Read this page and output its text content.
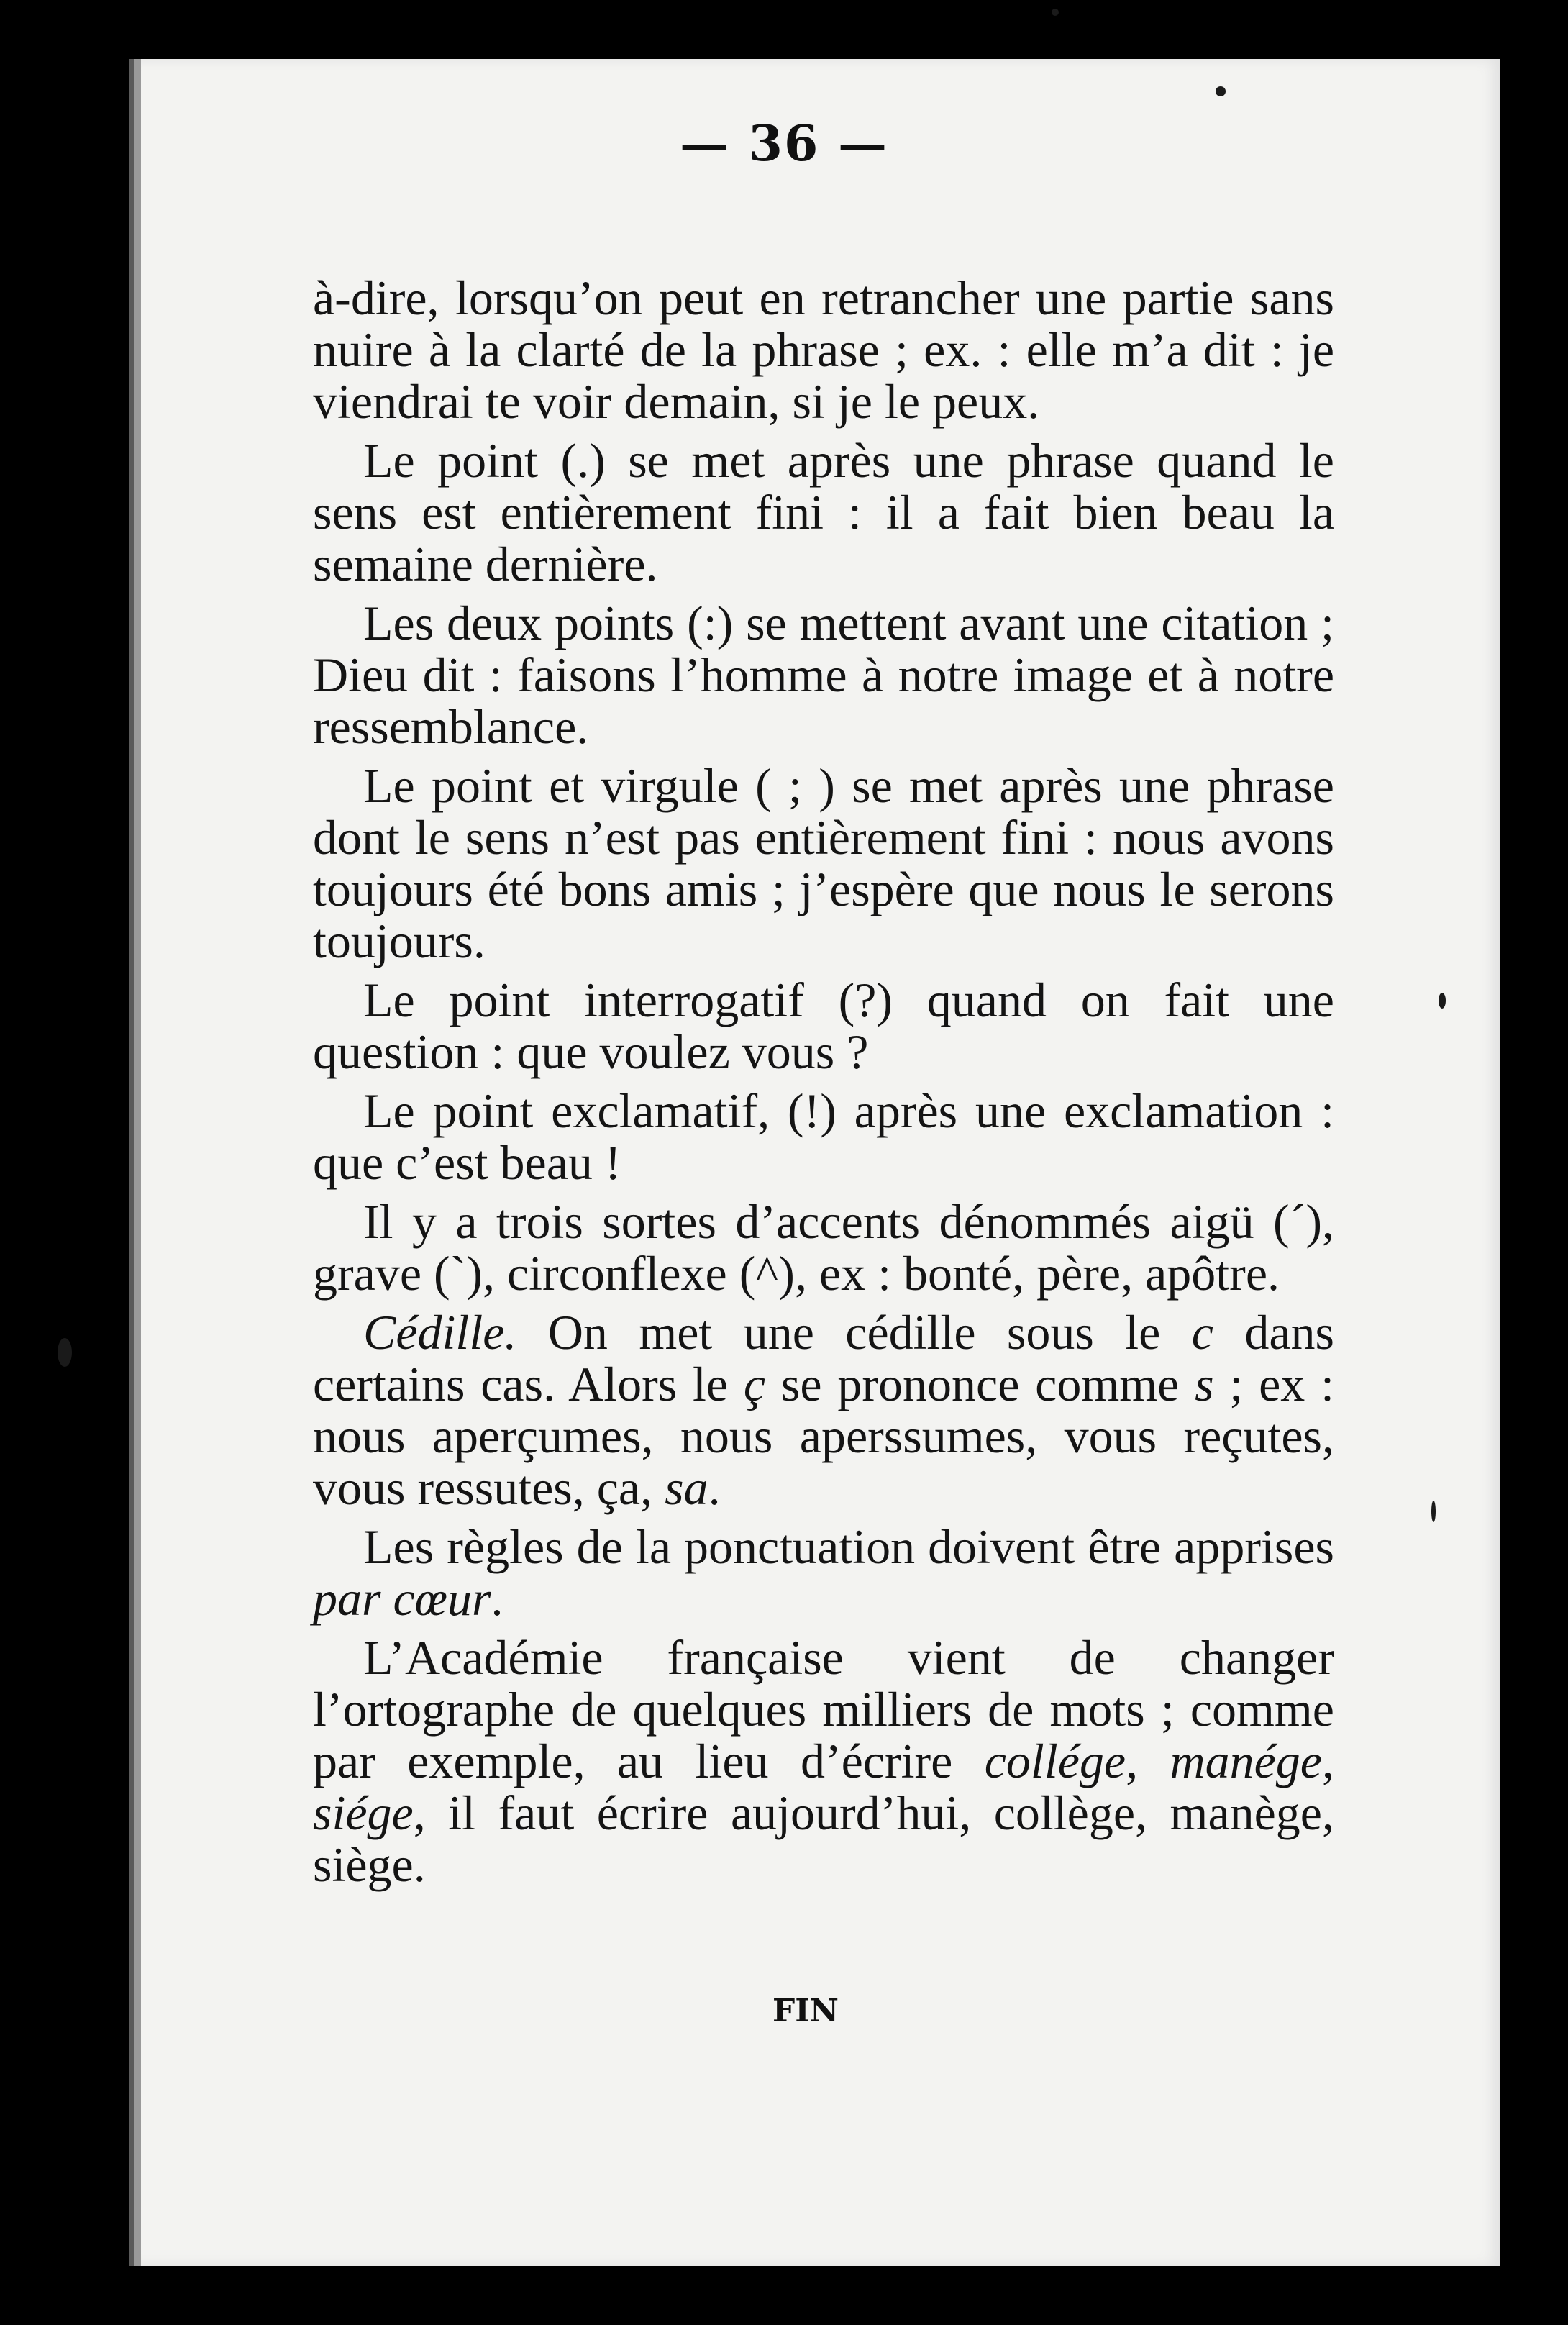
— 36 —

à-dire, lorsqu’on peut en retrancher une partie sans nuire à la clarté de la phrase ; ex. : elle m’a dit : je viendrai te voir demain, si je le peux.

Le point (.) se met après une phrase quand le sens est entièrement fini : il a fait bien beau la semaine dernière.

Les deux points (:) se mettent avant une citation ; Dieu dit : faisons l’homme à notre image et à notre ressemblance.

Le point et virgule ( ; ) se met après une phrase dont le sens n’est pas entièrement fini : nous avons toujours été bons amis ; j’espère que nous le serons toujours.

Le point interrogatif (?) quand on fait une question : que voulez vous ?

Le point exclamatif, (!) après une exclamation : que c’est beau !

Il y a trois sortes d’accents dénommés aigü (´), grave (`), circonflexe (^), ex : bonté, père, apôtre.

Cédille. On met une cédille sous le c dans certains cas. Alors le ç se prononce comme s ; ex : nous aperçumes, nous aperssumes, vous reçutes, vous ressutes, ça, sa.

Les règles de la ponctuation doivent être apprises par cœur.

L’Académie française vient de changer l’ortographe de quelques milliers de mots ; comme par exemple, au lieu d’écrire collége, manége, siége, il faut écrire aujourd’hui, collège, manège, siège.

FIN
